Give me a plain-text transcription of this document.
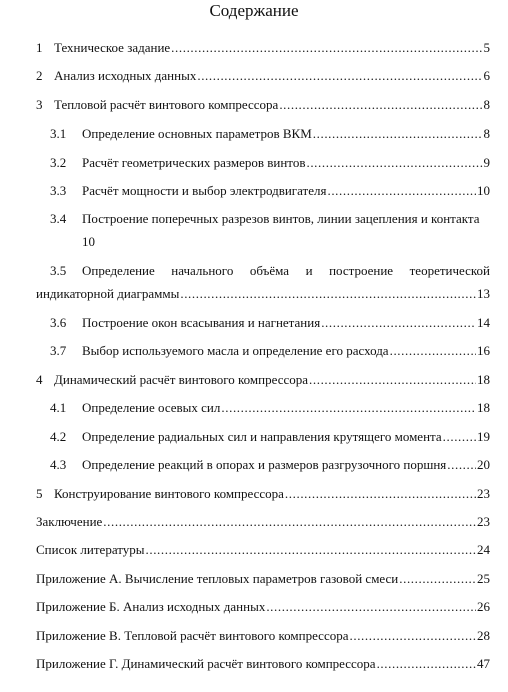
Содержание
1 Техническое задание .....	5
2 Анализ исходных данных .....	6
3 Тепловой расчёт винтового компрессора .....	8
3.1 Определение основных параметров ВКМ .....	8
3.2 Расчёт геометрических размеров винтов .....	9
3.3 Расчёт мощности и выбор электродвигателя .....	10
3.4 Построение поперечных разрезов винтов, линии зацепления и контакта
10
3.5 Определение начального объёма и построение теоретической
индикаторной диаграммы .....	13
3.6 Построение окон всасывания и нагнетания .....	14
3.7 Выбор используемого масла и определение его расхода .....	16
4 Динамический расчёт винтового компрессора .....	18
4.1 Определение осевых сил .....	18
4.2 Определение радиальных сил и направления крутящего момента .....	19
4.3 Определение реакций в опорах и размеров разгрузочного поршня ..... 20
5 Конструирование винтового компрессора .....	23
Заключение .....	23
Список литературы .....	24
Приложение А. Вычисление тепловых параметров газовой смеси .....	25
Приложение Б. Анализ исходных данных .....	26
Приложение В. Тепловой расчёт винтового компрессора .....	28
Приложение Г. Динамический расчёт винтового компрессора .....	47
